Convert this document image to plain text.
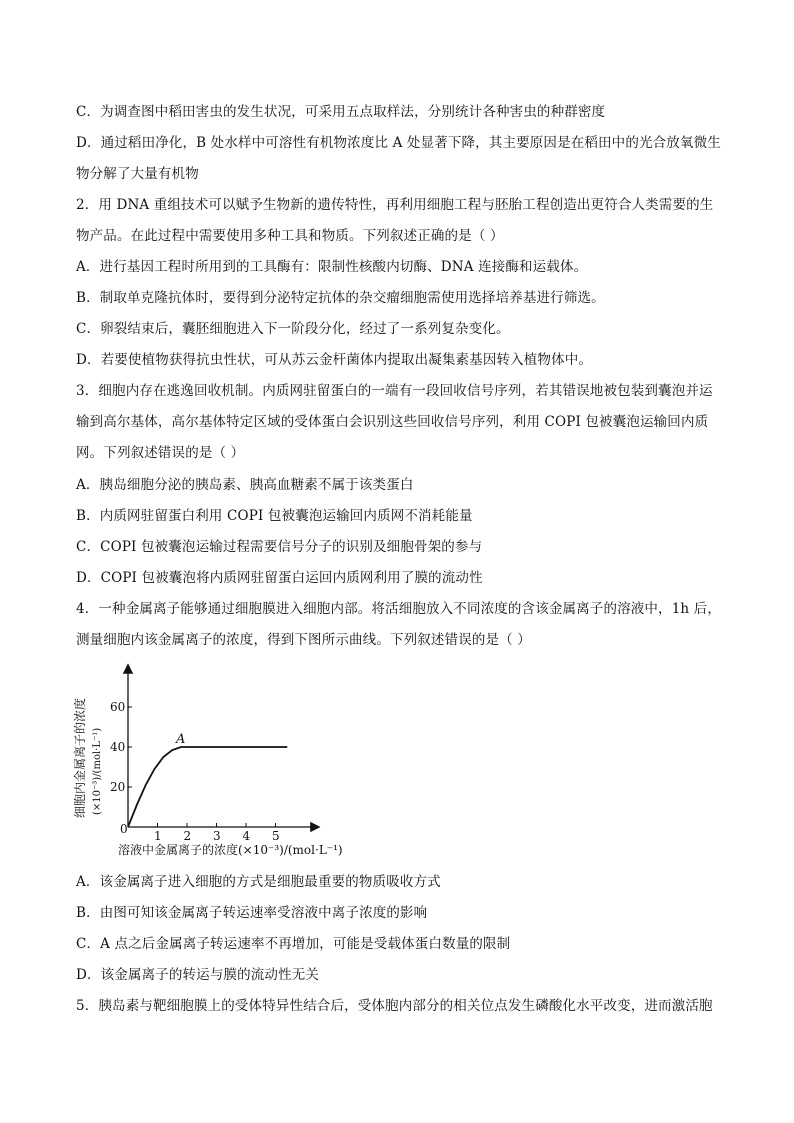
C．为调查图中稻田害虫的发生状况，可采用五点取样法，分别统计各种害虫的种群密度
D．通过稻田净化，B 处水样中可溶性有机物浓度比 A 处显著下降，其主要原因是在稻田中的光合放氧微生
物分解了大量有机物
2．用 DNA 重组技术可以赋予生物新的遗传特性，再利用细胞工程与胚胎工程创造出更符合人类需要的生
物产品。在此过程中需要使用多种工具和物质。下列叙述正确的是（ ）
A．进行基因工程时所用到的工具酶有：限制性核酸内切酶、DNA 连接酶和运载体。
B．制取单克隆抗体时，要得到分泌特定抗体的杂交瘤细胞需使用选择培养基进行筛选。
C．卵裂结束后，囊胚细胞进入下一阶段分化，经过了一系列复杂变化。
D．若要使植物获得抗虫性状，可从苏云金杆菌体内提取出凝集素基因转入植物体中。
3．细胞内存在逃逸回收机制。内质网驻留蛋白的一端有一段回收信号序列，若其错误地被包装到囊泡并运
输到高尔基体，高尔基体特定区域的受体蛋白会识别这些回收信号序列，利用 COPI 包被囊泡运输回内质
网。下列叙述错误的是（ ）
A．胰岛细胞分泌的胰岛素、胰高血糖素不属于该类蛋白
B．内质网驻留蛋白利用 COPI 包被囊泡运输回内质网不消耗能量
C．COPI 包被囊泡运输过程需要信号分子的识别及细胞骨架的参与
D．COPI 包被囊泡将内质网驻留蛋白运回内质网利用了膜的流动性
4．一种金属离子能够通过细胞膜进入细胞内部。将活细胞放入不同浓度的含该金属离子的溶液中，1h 后，
测量细胞内该金属离子的浓度，得到下图所示曲线。下列叙述错误的是（ ）
1 2 3 4 5
20
40
60
A
0
细胞内金属离子的浓度 (×10⁻³)/(mol·L⁻¹)
溶液中金属离子的浓度(×10⁻³)/(mol·L⁻¹)
A．该金属离子进入细胞的方式是细胞最重要的物质吸收方式
B．由图可知该金属离子转运速率受溶液中离子浓度的影响
C．A 点之后金属离子转运速率不再增加，可能是受载体蛋白数量的限制
D．该金属离子的转运与膜的流动性无关
5．胰岛素与靶细胞膜上的受体特异性结合后，受体胞内部分的相关位点发生磷酸化水平改变，进而激活胞
